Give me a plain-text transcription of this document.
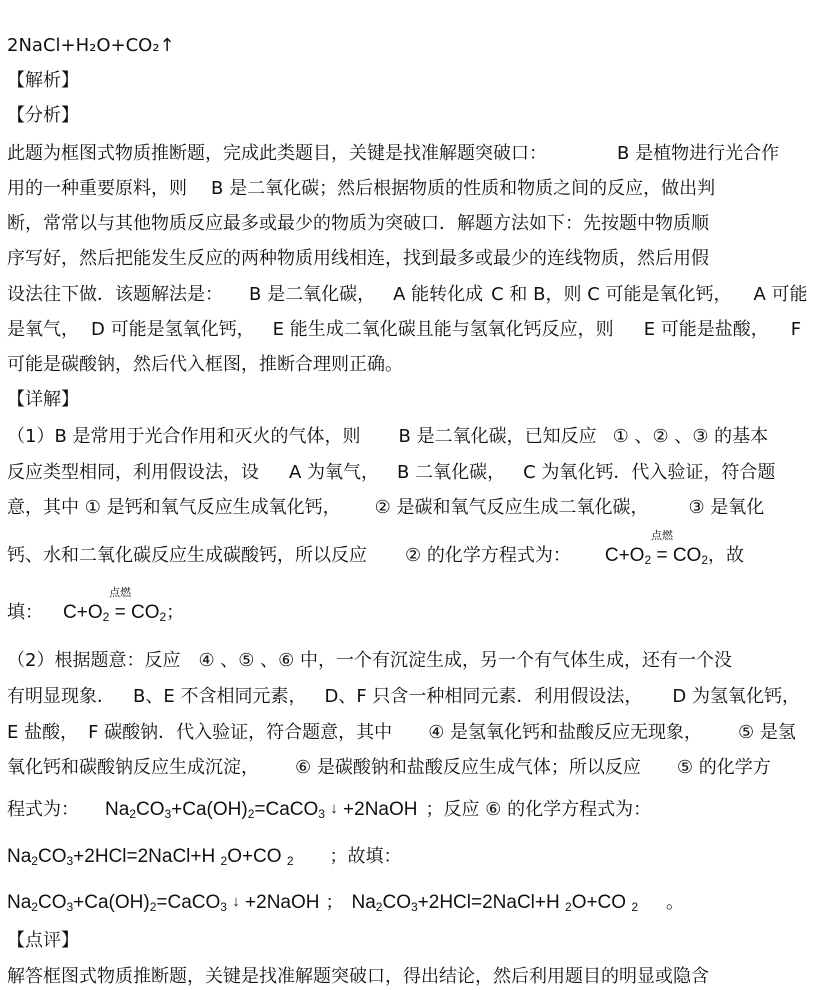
2NaCl+H₂O+CO₂↑
【解析】
【分析】
此题为框图式物质推断题，完成此类题目，关键是找准解题突破口：	B 是植物进行光合作
用的一种重要原料，则 B 是二氧化碳；然后根据物质的性质和物质之间的反应，做出判
断，常常以与其他物质反应最多或最少的物质为突破口．解题方法如下：先按题中物质顺
序写好，然后把能发生反应的两种物质用线相连，找到最多或最少的连线物质，然后用假
设法往下做．该题解法是： B 是二氧化碳， A 能转化成 C 和 B，则 C 可能是氧化钙， A 可能
是氧气， D 可能是氢氧化钙， E 能生成二氧化碳且能与氢氧化钙反应，则 E 可能是盐酸， F
可能是碳酸钠，然后代入框图，推断合理则正确。
【详解】
（1）B 是常用于光合作用和灭火的气体，则 B 是二氧化碳，已知反应 ① 、② 、③ 的基本
反应类型相同，利用假设法，设 A 为氧气， B 二氧化碳， C 为氧化钙．代入验证，符合题
意，其中 ① 是钙和氧气反应生成氧化钙， ② 是碳和氧气反应生成二氧化碳， ③ 是氧化
钙、水和二氧化碳反应生成碳酸钙，所以反应 ② 的化学方程式为： $C+O_2$
点燃
= $CO_2$，故
填： $C+O_2$
点燃
= $CO_2$；
（2）根据题意：反应 ④ 、⑤ 、⑥ 中，一个有沉淀生成，另一个有气体生成，还有一个没
有明显现象． B、E 不含相同元素， D、F 只含一种相同元素．利用假设法， D 为氢氧化钙，
E 盐酸， F 碳酸钠．代入验证，符合题意，其中 ④ 是氢氧化钙和盐酸反应无现象， ⑤ 是氢
氧化钙和碳酸钠反应生成沉淀， ⑥ 是碳酸钠和盐酸反应生成气体；所以反应 ⑤ 的化学方
程式为： $Na_2CO_3+Ca(OH)_2=CaCO_3$ ↓ +2NaOH ；反应 ⑥ 的化学方程式为：
$Na_2CO_3+2HCl=2NaCl+H$ $_2$O+CO $_2$ ；故填：
$Na_2CO_3+Ca(OH)_2=CaCO_3$ ↓ +2NaOH ； $Na_2CO_3+2HCl=2NaCl+H$ $_2$O+CO $_2$ 。
【点评】
解答框图式物质推断题，关键是找准解题突破口，得出结论，然后利用题目的明显或隐含
